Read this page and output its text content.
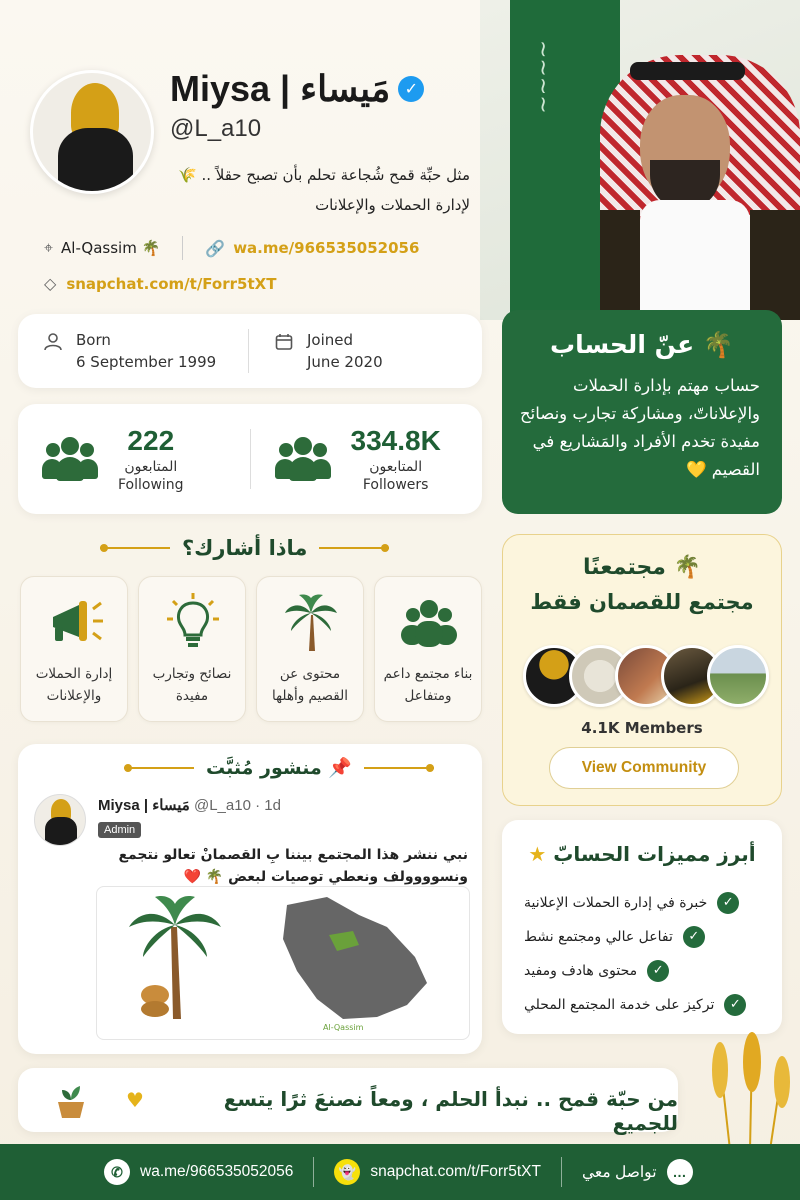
~~~~
Miysa | مَيساء ✓
@L_a10
مثل حبِّة قمح شُجاعة تحلم بأن تصبح حقلاً .. 🌾
لإدارة الحملات والإعلانات
⌖ Al-Qassim 🌴	🔗 wa.me/966535052056
◇ snapchat.com/t/Forr5tXT
Born
6 September 1999
Joined
June 2020
222
المتابعون
Following
334.8K
المتابعون
Followers
🌴 عنّ الحساب
حساب مهتم بإدارة الحملات والإعلاناتّ، ومشاركة تجارب ونصائح مفيدة تخدم الأفراد والمَشاريع في القصيم 💛
ماذا أشارك؟
إدارة الحملات والإعلانات
نصائح وتجارب مفيدة
محتوى عن القصيم وأهلها
بناء مجتمع داعم ومتفاعل
🌴 مجتمعنًا
مجتمع للقصمان فقط
4.1K Members
View Community
📌 منشور مُثبَّت
Miysa | مَيساء @L_a10 · 1d
Admin
نبي ننشر هذا المجتمع بيننا بِ القصمانْ تعالو نتجمع
ونسوووولف ونعطي توصيات لبعض 🌴 ❤️
Al-Qassim
أبرز مميزات الحسابّ ★
✓
خبرة في إدارة الحملات الإعلانية
✓
تفاعل عالي ومجتمع نشط
✓
محتوى هادف ومفيد
✓
تركيز على خدمة المجتمع المحلي
♥	من حبّة قمح .. نبدأ الحلم ، ومعاً نصنعَ ثرًا يتسع للجميع
✆	wa.me/966535052056	👻 snapchat.com/t/Forr5tXT	تواصل معي	…
